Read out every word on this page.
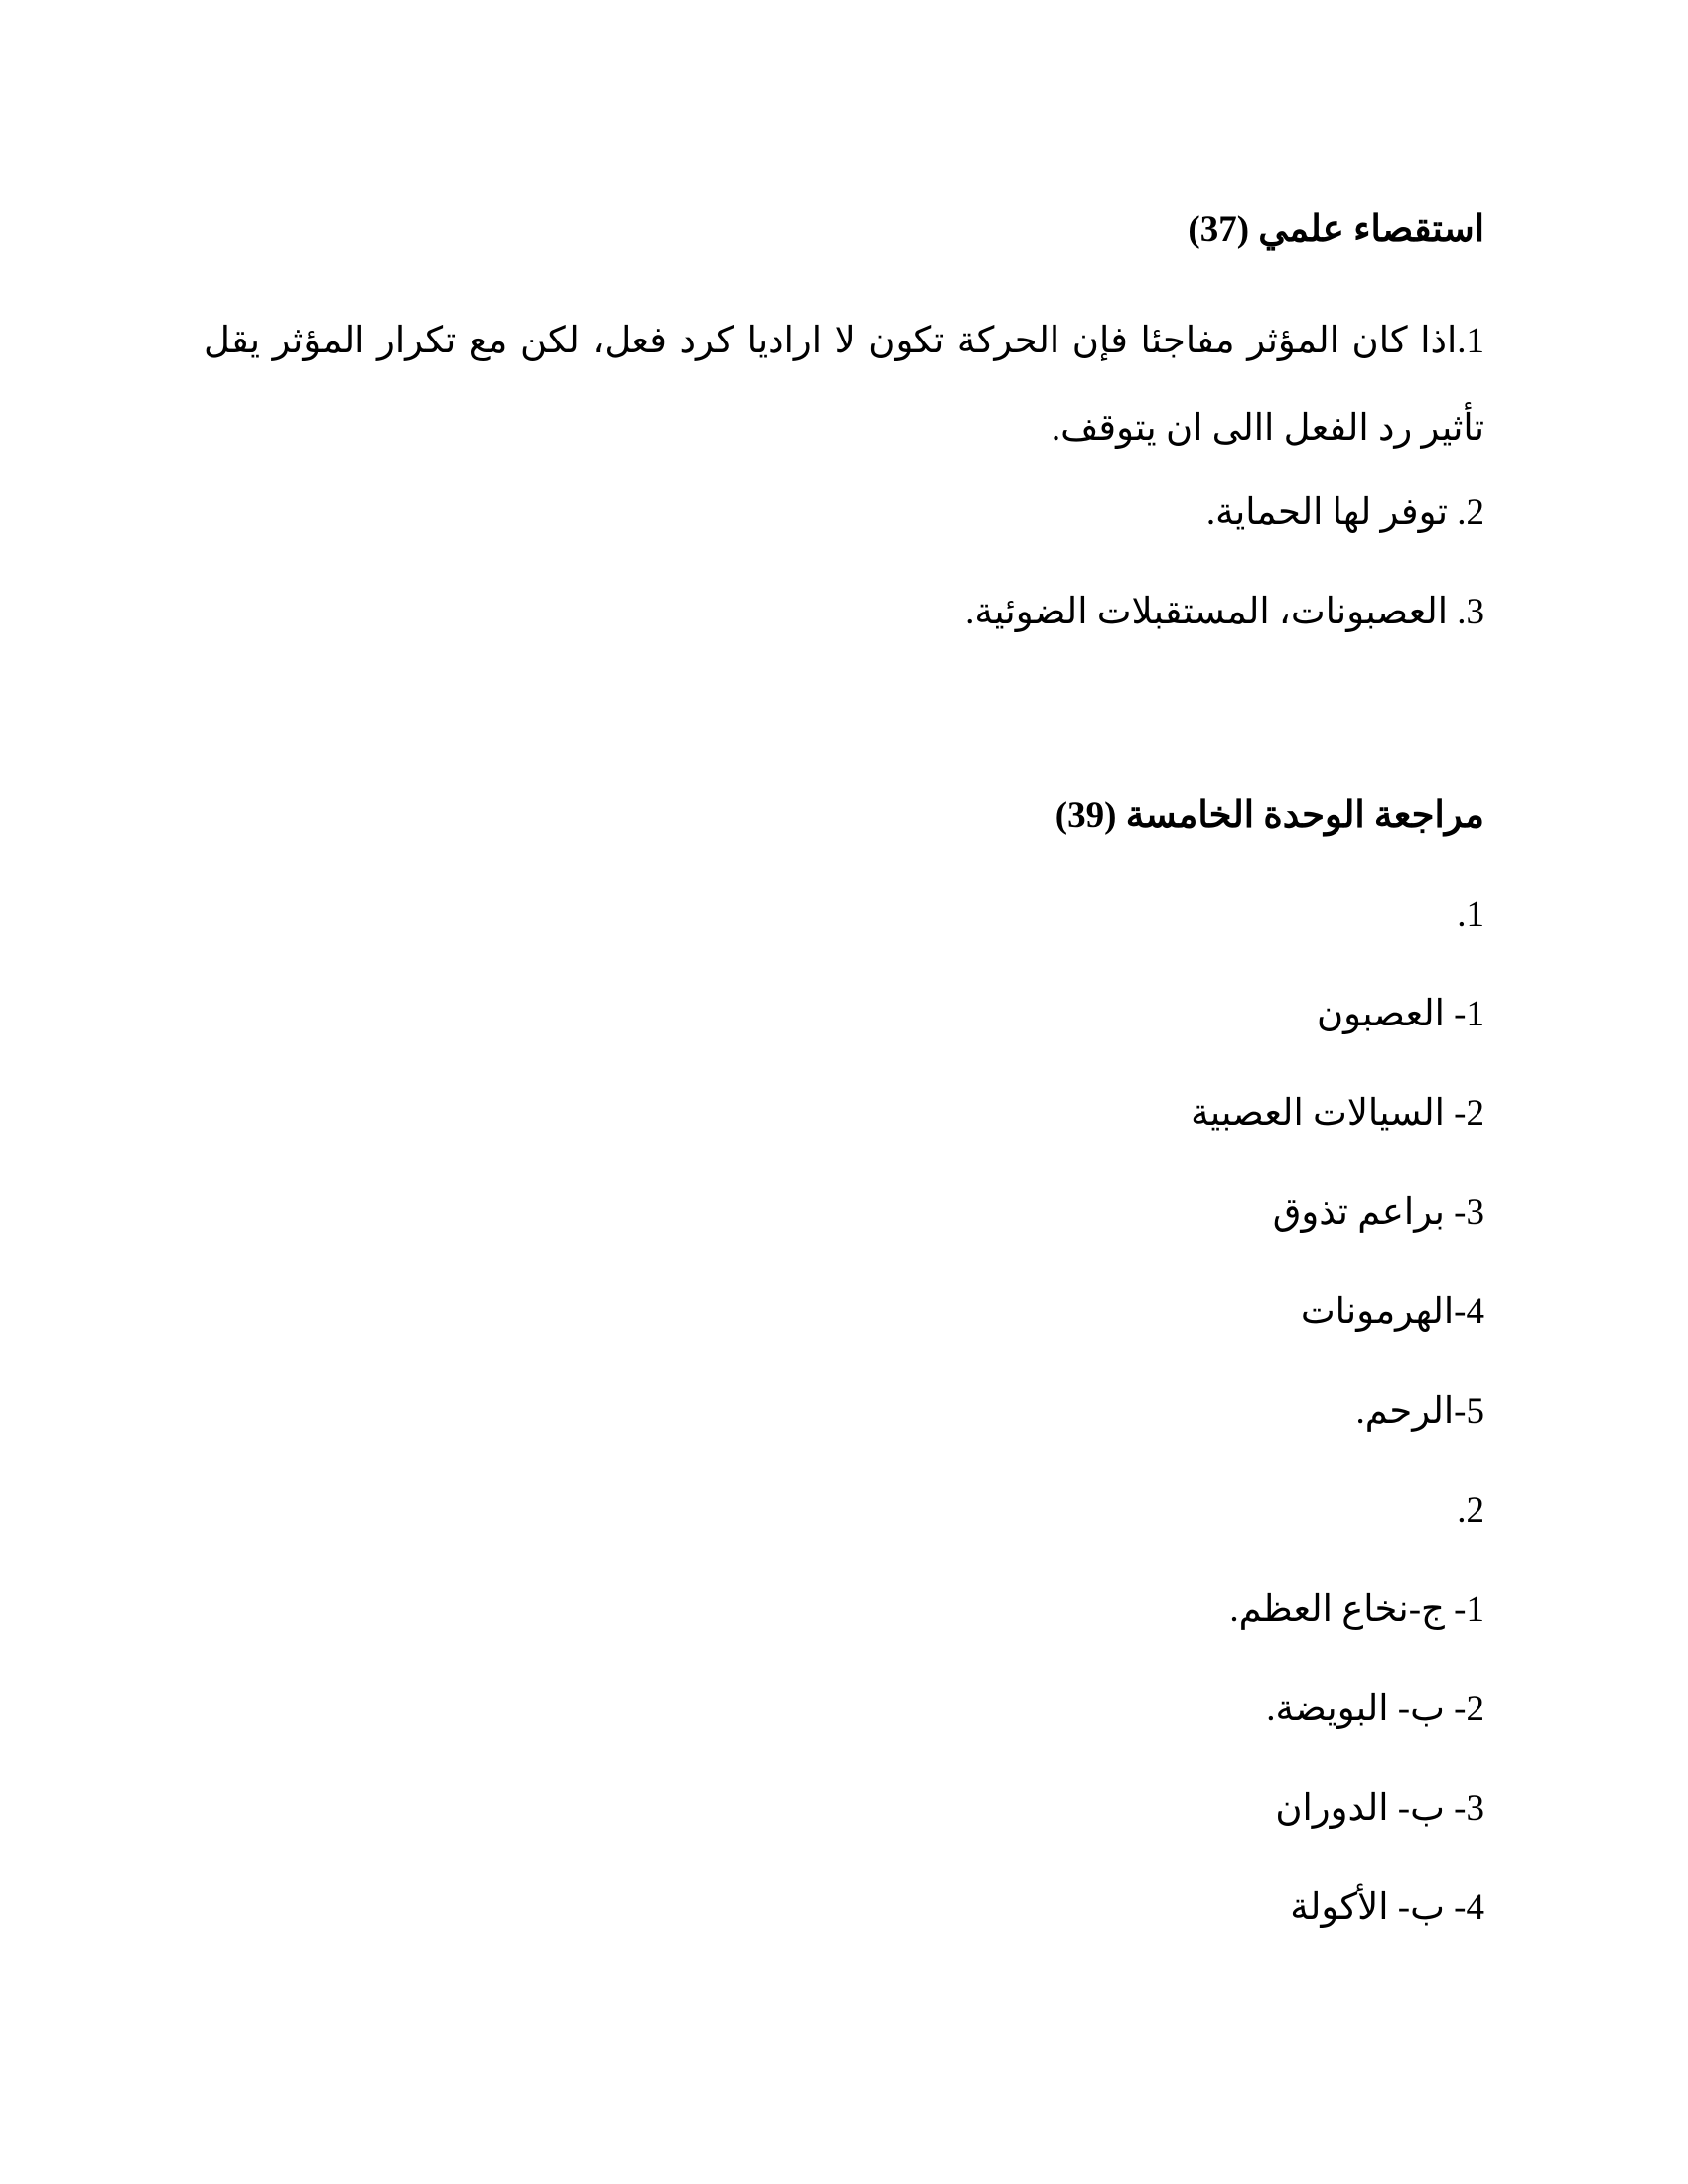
استقصاء علمي (37)
1.اذا كان المؤثر مفاجئا فإن الحركة تكون لا اراديا كرد فعل، لكن مع تكرار المؤثر يقل تأثير رد الفعل االى ان يتوقف.
2. توفر لها الحماية.
3. العصبونات، المستقبلات الضوئية.
مراجعة الوحدة الخامسة (39)
.1
1- العصبون
2- السيالات العصبية
3- براعم تذوق
4-الهرمونات
5-الرحم.
.2
1- ج-نخاع العظم.
2- ب- البويضة.
3- ب- الدوران
4- ب- الأكولة
